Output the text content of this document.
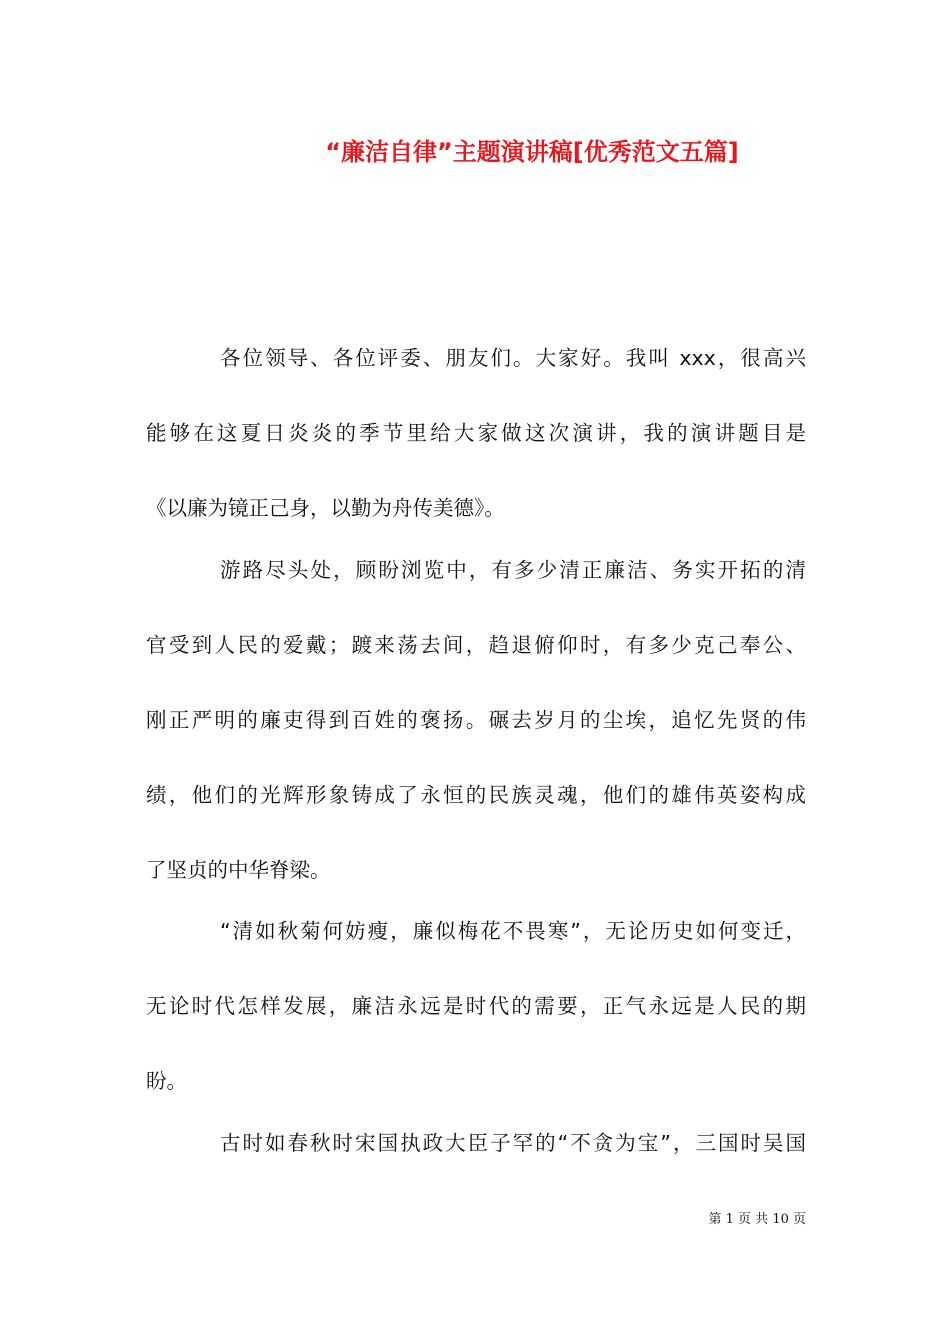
“廉洁自律”主题演讲稿[优秀范文五篇]
各位领导、各位评委、朋友们。大家好。我叫 xxx，很高兴
能够在这夏日炎炎的季节里给大家做这次演讲，我的演讲题目是
《以廉为镜正己身，以勤为舟传美德》。
游路尽头处，顾盼浏览中，有多少清正廉洁、务实开拓的清
官受到人民的爱戴；踱来荡去间，趋退俯仰时，有多少克己奉公、
刚正严明的廉吏得到百姓的褒扬。碾去岁月的尘埃，追忆先贤的伟
绩，他们的光辉形象铸成了永恒的民族灵魂，他们的雄伟英姿构成
了坚贞的中华脊梁。
“清如秋菊何妨瘦，廉似梅花不畏寒”，无论历史如何变迁，
无论时代怎样发展，廉洁永远是时代的需要，正气永远是人民的期
盼。
古时如春秋时宋国执政大臣子罕的“不贪为宝”，三国时吴国
第 1 页 共 10 页
